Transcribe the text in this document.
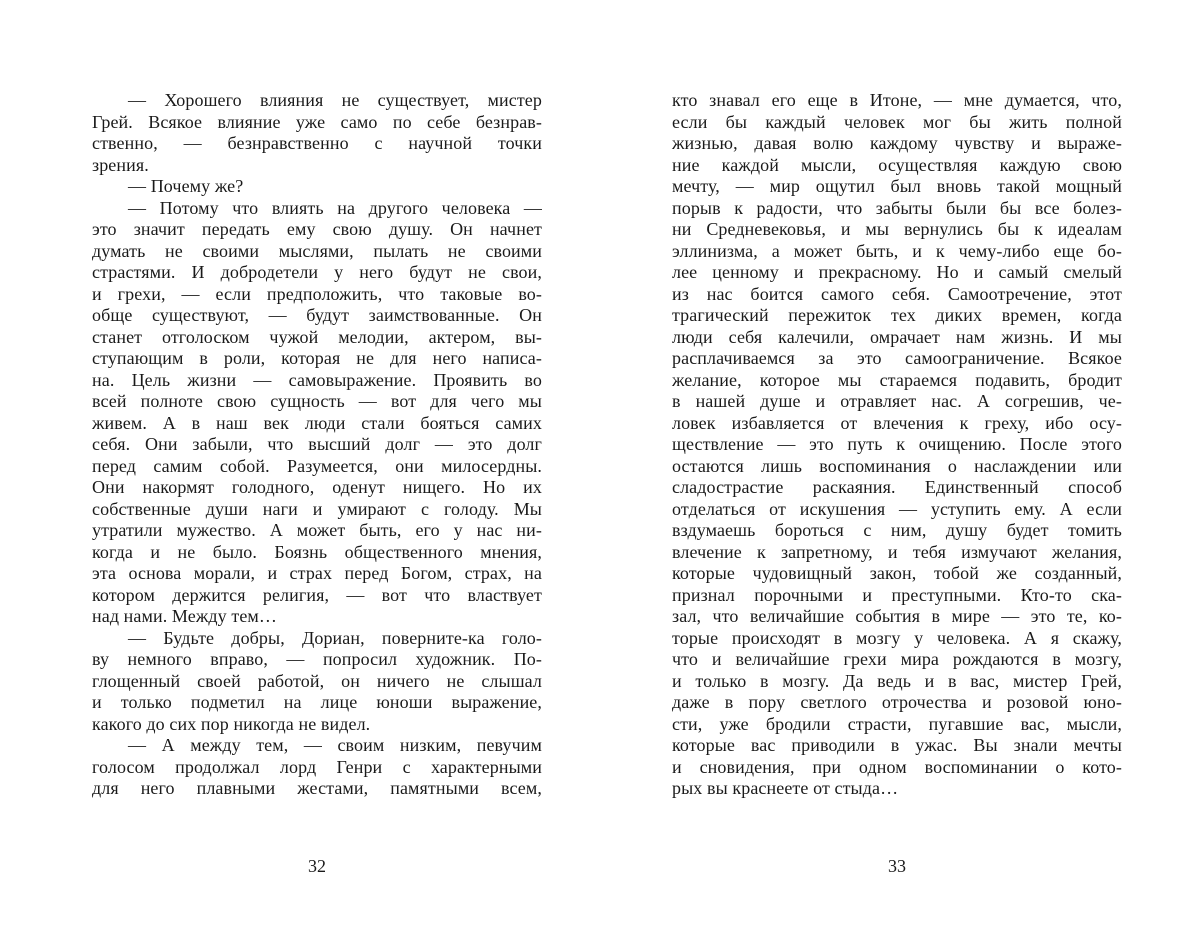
— Хорошего влияния не существует, мистер
Грей. Всякое влияние уже само по себе безнрав-
ственно, — безнравственно с научной точки
зрения.
— Почему же?
— Потому что влиять на другого человека —
это значит передать ему свою душу. Он начнет
думать не своими мыслями, пылать не своими
страстями. И добродетели у него будут не свои,
и грехи, — если предположить, что таковые во-
обще существуют, — будут заимствованные. Он
станет отголоском чужой мелодии, актером, вы-
ступающим в роли, которая не для него написа-
на. Цель жизни — самовыражение. Проявить во
всей полноте свою сущность — вот для чего мы
живем. А в наш век люди стали бояться самих
себя. Они забыли, что высший долг — это долг
перед самим собой. Разумеется, они милосердны.
Они накормят голодного, оденут нищего. Но их
собственные души наги и умирают с голоду. Мы
утратили мужество. А может быть, его у нас ни-
когда и не было. Боязнь общественного мнения,
эта основа морали, и страх перед Богом, страх, на
котором держится религия, — вот что властвует
над нами. Между тем…
— Будьте добры, Дориан, поверните-ка голо-
ву немного вправо, — попросил художник. По-
глощенный своей работой, он ничего не слышал
и только подметил на лице юноши выражение,
какого до сих пор никогда не видел.
— А между тем, — своим низким, певучим
голосом продолжал лорд Генри с характерными
для него плавными жестами, памятными всем,
кто знавал его еще в Итоне, — мне думается, что,
если бы каждый человек мог бы жить полной
жизнью, давая волю каждому чувству и выраже-
ние каждой мысли, осуществляя каждую свою
мечту, — мир ощутил был вновь такой мощный
порыв к радости, что забыты были бы все болез-
ни Средневековья, и мы вернулись бы к идеалам
эллинизма, а может быть, и к чему-либо еще бо-
лее ценному и прекрасному. Но и самый смелый
из нас боится самого себя. Самоотречение, этот
трагический пережиток тех диких времен, когда
люди себя калечили, омрачает нам жизнь. И мы
расплачиваемся за это самоограничение. Всякое
желание, которое мы стараемся подавить, бродит
в нашей душе и отравляет нас. А согрешив, че-
ловек избавляется от влечения к греху, ибо осу-
ществление — это путь к очищению. После этого
остаются лишь воспоминания о наслаждении или
сладострастие раскаяния. Единственный способ
отделаться от искушения — уступить ему. А если
вздумаешь бороться с ним, душу будет томить
влечение к запретному, и тебя измучают желания,
которые чудовищный закон, тобой же созданный,
признал порочными и преступными. Кто-то ска-
зал, что величайшие события в мире — это те, ко-
торые происходят в мозгу у человека. А я скажу,
что и величайшие грехи мира рождаются в мозгу,
и только в мозгу. Да ведь и в вас, мистер Грей,
даже в пору светлого отрочества и розовой юно-
сти, уже бродили страсти, пугавшие вас, мысли,
которые вас приводили в ужас. Вы знали мечты
и сновидения, при одном воспоминании о кото-
рых вы краснеете от стыда…
32	33
